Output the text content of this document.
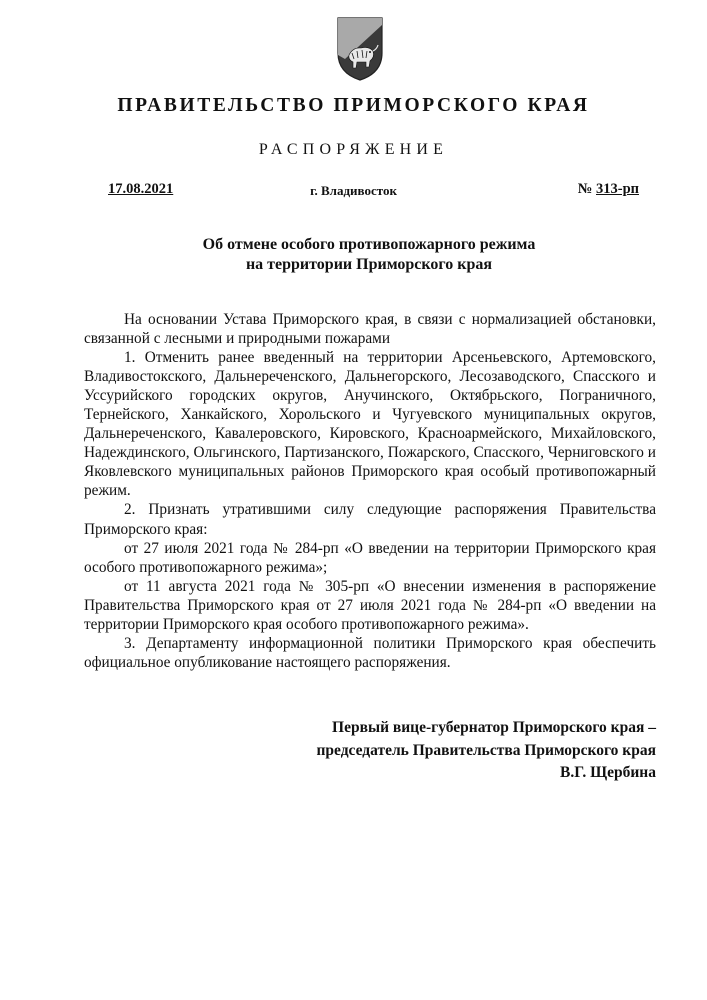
ПРАВИТЕЛЬСТВО ПРИМОРСКОГО КРАЯ
РАСПОРЯЖЕНИЕ
17.08.2021	г. Владивосток	№ 313-рп
Об отмене особого противопожарного режима
на территории Приморского края

На основании Устава Приморского края, в связи с нормализацией обстановки, связанной с лесными и природными пожарами

1. Отменить ранее введенный на территории Арсеньевского, Артемовского, Владивостокского, Дальнереченского, Дальнегорского, Лесозаводского, Спасского и Уссурийского городских округов, Анучинского, Октябрьского, Пограничного, Тернейского, Ханкайского, Хорольского и Чугуевского муниципальных округов, Дальнереченского, Кавалеровского, Кировского, Красноармейского, Михайловского, Надеждинского, Ольгинского, Партизанского, Пожарского, Спасского, Черниговского и Яковлевского муниципальных районов Приморского края особый противопожарный режим.

2. Признать утратившими силу следующие распоряжения Правительства Приморского края:

от 27 июля 2021 года № 284-рп «О введении на территории Приморского края особого противопожарного режима»;

от 11 августа 2021 года № 305-рп «О внесении изменения в распоряжение Правительства Приморского края от 27 июля 2021 года № 284-рп «О введении на территории Приморского края особого противопожарного режима».

3. Департаменту информационной политики Приморского края обеспечить официальное опубликование настоящего распоряжения.

Первый вице-губернатор Приморского края –
председатель Правительства Приморского края
В.Г. Щербина
